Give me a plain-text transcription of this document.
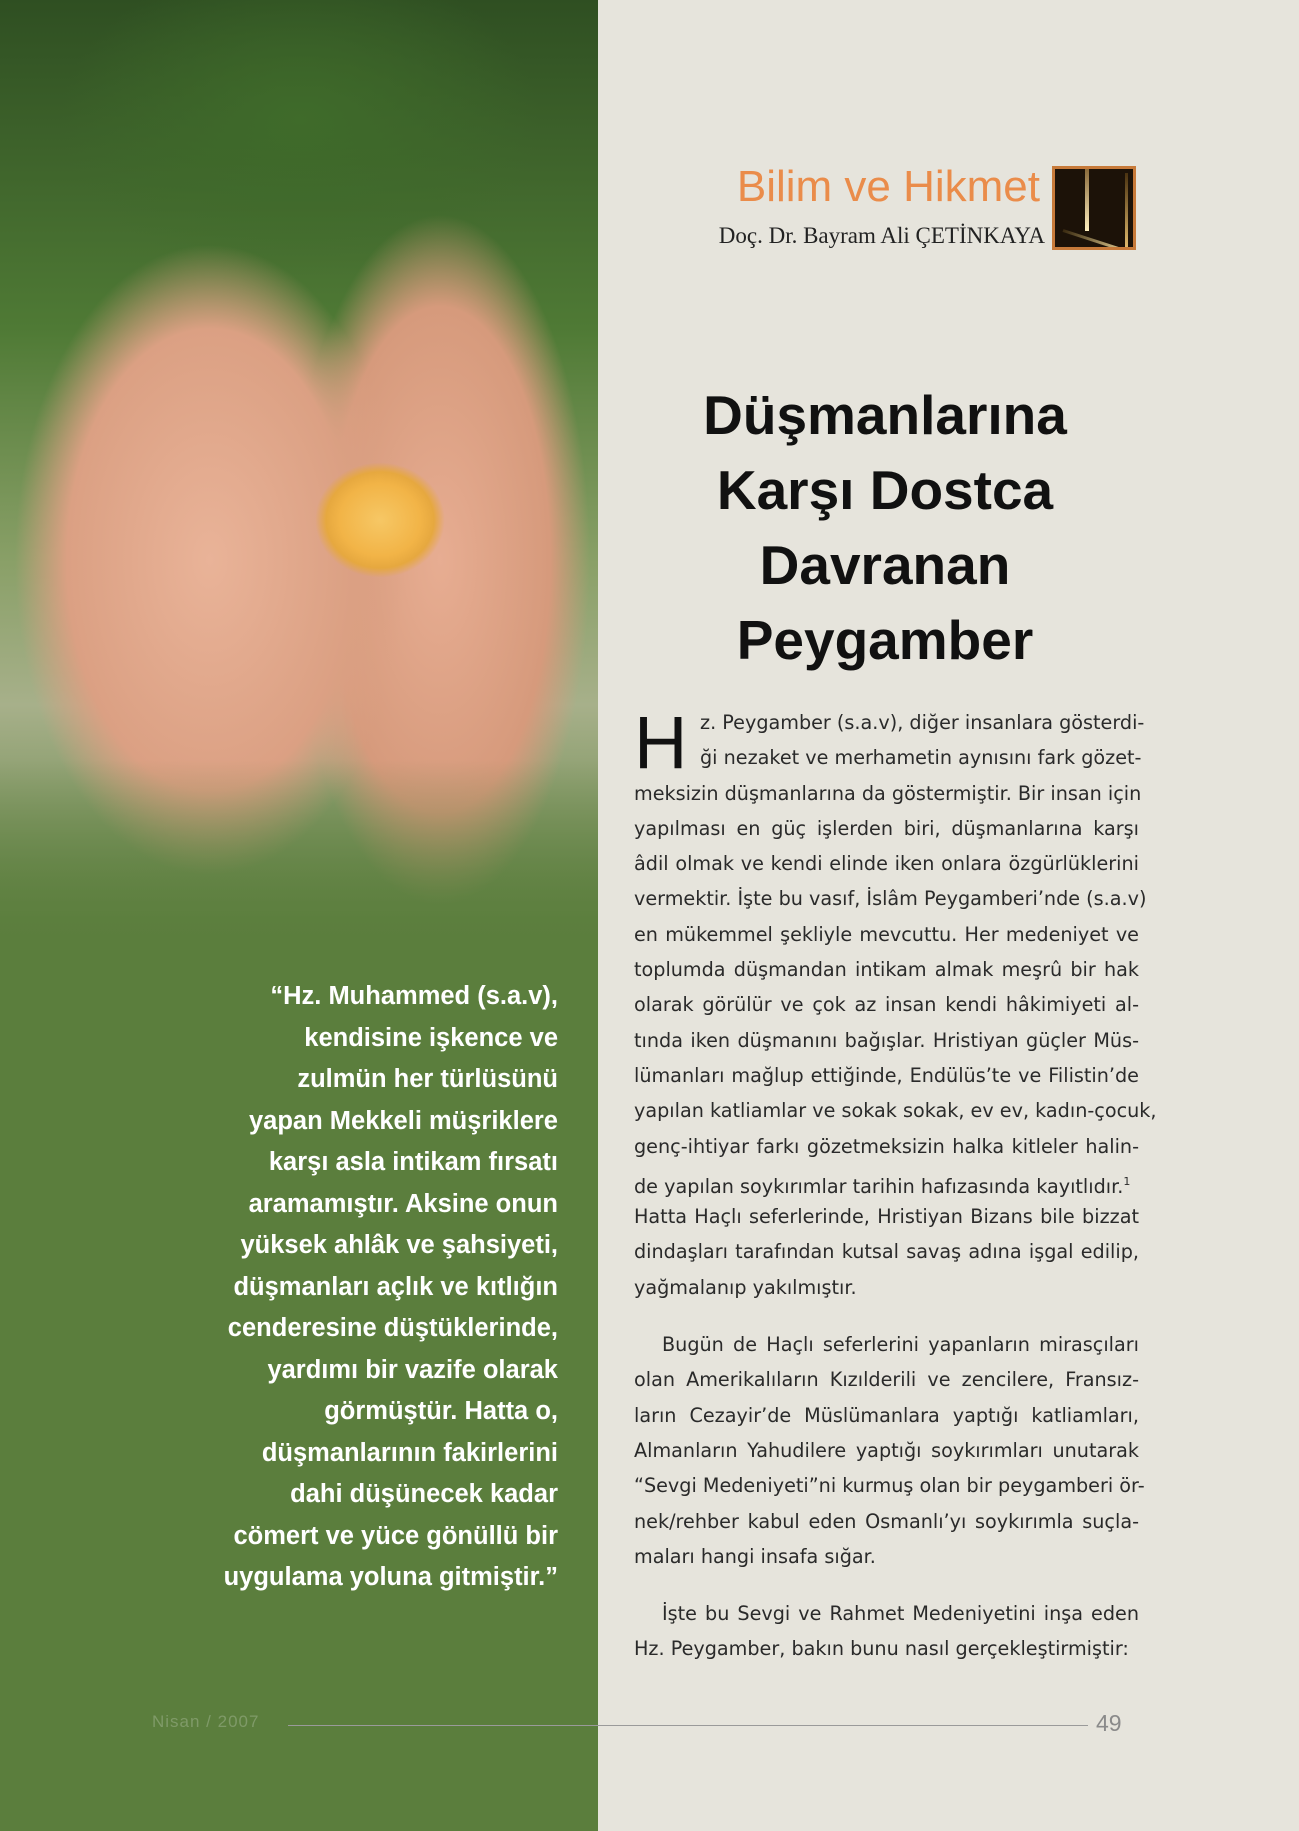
“Hz. Muhammed (s.a.v),
kendisine işkence ve
zulmün her türlüsünü
yapan Mekkeli müşriklere
karşı asla intikam fırsatı
aramamıştır. Aksine onun
yüksek ahlâk ve şahsiyeti,
düşmanları açlık ve kıtlığın
cenderesine düştüklerinde,
yardımı bir vazife olarak
görmüştür. Hatta o,
düşmanlarının fakirlerini
dahi düşünecek kadar
cömert ve yüce gönüllü bir
uygulama yoluna gitmiştir.”
Bilim ve Hikmet
Doç. Dr. Bayram Ali ÇETİNKAYA
Düşmanlarına
Karşı Dostca
Davranan
Peygamber
H z. Peygamber (s.a.v), diğer insanlara gösterdi-
ği nezaket ve merhametin aynısını fark gözet-
meksizin düşmanlarına da göstermiştir. Bir insan için
yapılması en güç işlerden biri, düşmanlarına karşı
âdil olmak ve kendi elinde iken onlara özgürlüklerini
vermektir. İşte bu vasıf, İslâm Peygamberi’nde (s.a.v)
en mükemmel şekliyle mevcuttu. Her medeniyet ve
toplumda düşmandan intikam almak meşrû bir hak
olarak görülür ve çok az insan kendi hâkimiyeti al-
tında iken düşmanını bağışlar. Hristiyan güçler Müs-
lümanları mağlup ettiğinde, Endülüs’te ve Filistin’de
yapılan katliamlar ve sokak sokak, ev ev, kadın-çocuk,
genç-ihtiyar farkı gözetmeksizin halka kitleler halin-
de yapılan soykırımlar tarihin hafızasında kayıtlıdır.$^1$
Hatta Haçlı seferlerinde, Hristiyan Bizans bile bizzat
dindaşları tarafından kutsal savaş adına işgal edilip,
yağmalanıp yakılmıştır.
Bugün de Haçlı seferlerini yapanların mirasçıları
olan Amerikalıların Kızılderili ve zencilere, Fransız-
ların Cezayir’de Müslümanlara yaptığı katliamları,
Almanların Yahudilere yaptığı soykırımları unutarak
“Sevgi Medeniyeti”ni kurmuş olan bir peygamberi ör-
nek/rehber kabul eden Osmanlı’yı soykırımla suçla-
maları hangi insafa sığar.
İşte bu Sevgi ve Rahmet Medeniyetini inşa eden
Hz. Peygamber, bakın bunu nasıl gerçekleştirmiştir:
Nisan / 2007	49
